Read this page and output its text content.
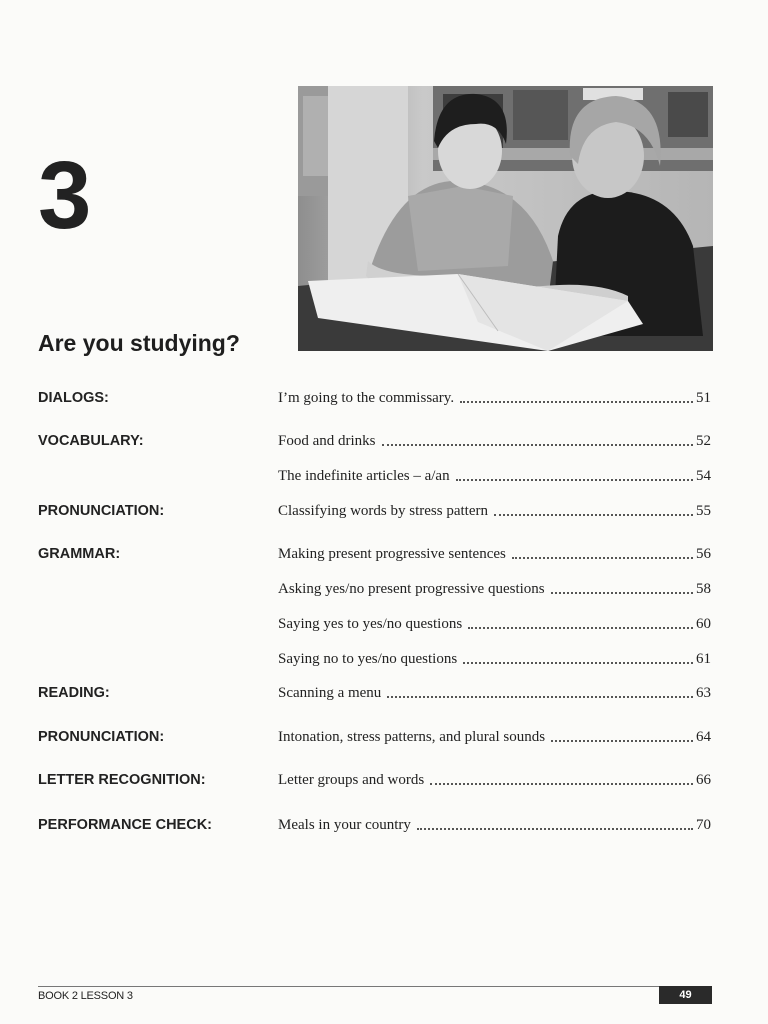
3
Are you studying?
DIALOGS:	I’m going to the commissary.	51
VOCABULARY:	Food and drinks	52
The indefinite articles – a/an	54
PRONUNCIATION:	Classifying words by stress pattern	55
GRAMMAR:	Making present progressive sentences	56
Asking yes/no present progressive questions	58
Saying yes to yes/no questions	60
Saying no to yes/no questions	61
READING:	Scanning a menu	63
PRONUNCIATION:	Intonation, stress patterns, and plural sounds	64
LETTER RECOGNITION:	Letter groups and words	66
PERFORMANCE CHECK:	Meals in your country	70
BOOK 2 LESSON 3	49
